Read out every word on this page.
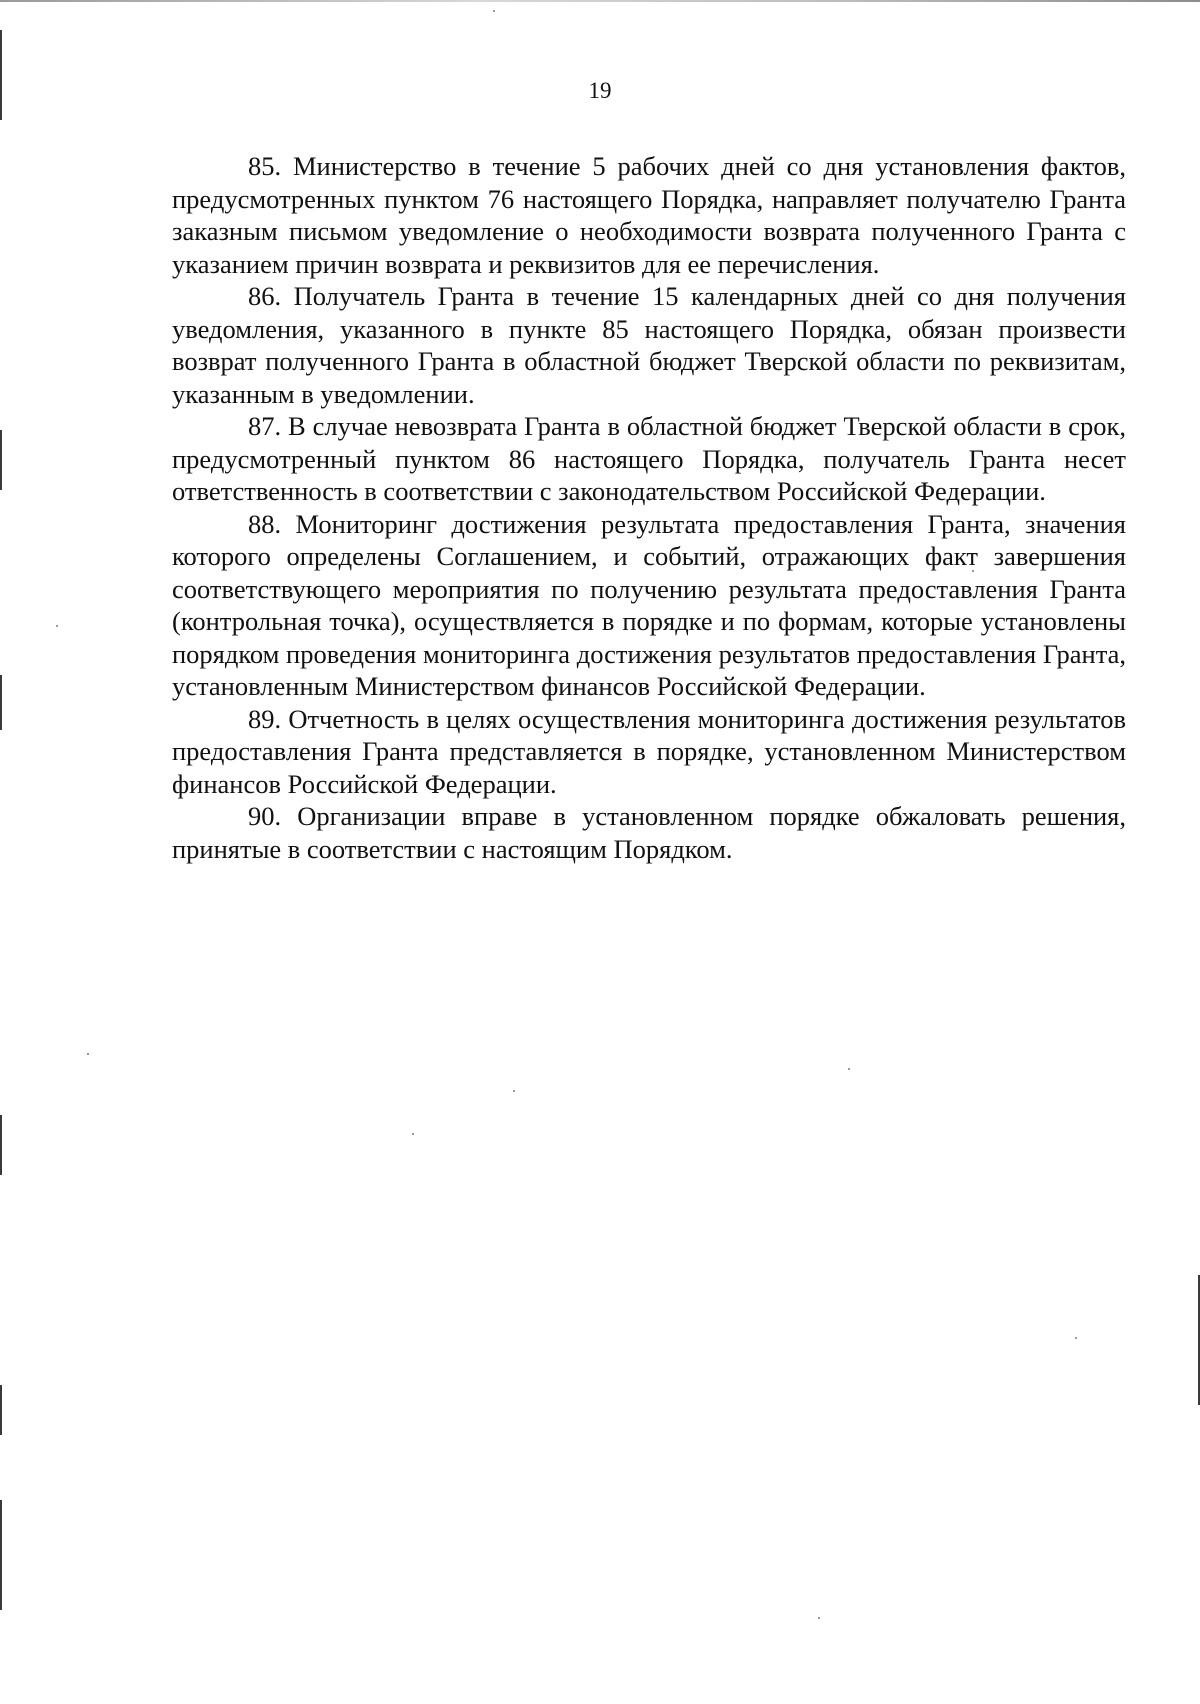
19

85. Министерство в течение 5 рабочих дней со дня установления фактов, предусмотренных пунктом 76 настоящего Порядка, направляет получателю Гранта заказным письмом уведомление о необходимости возврата полученного Гранта с указанием причин возврата и реквизитов для ее перечисления.

86. Получатель Гранта в течение 15 календарных дней со дня получения уведомления, указанного в пункте 85 настоящего Порядка, обязан произвести возврат полученного Гранта в областной бюджет Тверской области по реквизитам, указанным в уведомлении.

87. В случае невозврата Гранта в областной бюджет Тверской области в срок, предусмотренный пунктом 86 настоящего Порядка, получатель Гранта несет ответственность в соответствии с законодательством Российской Федерации.

88. Мониторинг достижения результата предоставления Гранта, значения которого определены Соглашением, и событий, отражающих факт завершения соответствующего мероприятия по получению результата предоставления Гранта (контрольная точка), осуществляется в порядке и по формам, которые установлены порядком проведения мониторинга достижения результатов предоставления Гранта, установленным Министерством финансов Российской Федерации.

89. Отчетность в целях осуществления мониторинга достижения результатов предоставления Гранта представляется в порядке, установленном Министерством финансов Российской Федерации.

90. Организации вправе в установленном порядке обжаловать решения, принятые в соответствии с настоящим Порядком.
